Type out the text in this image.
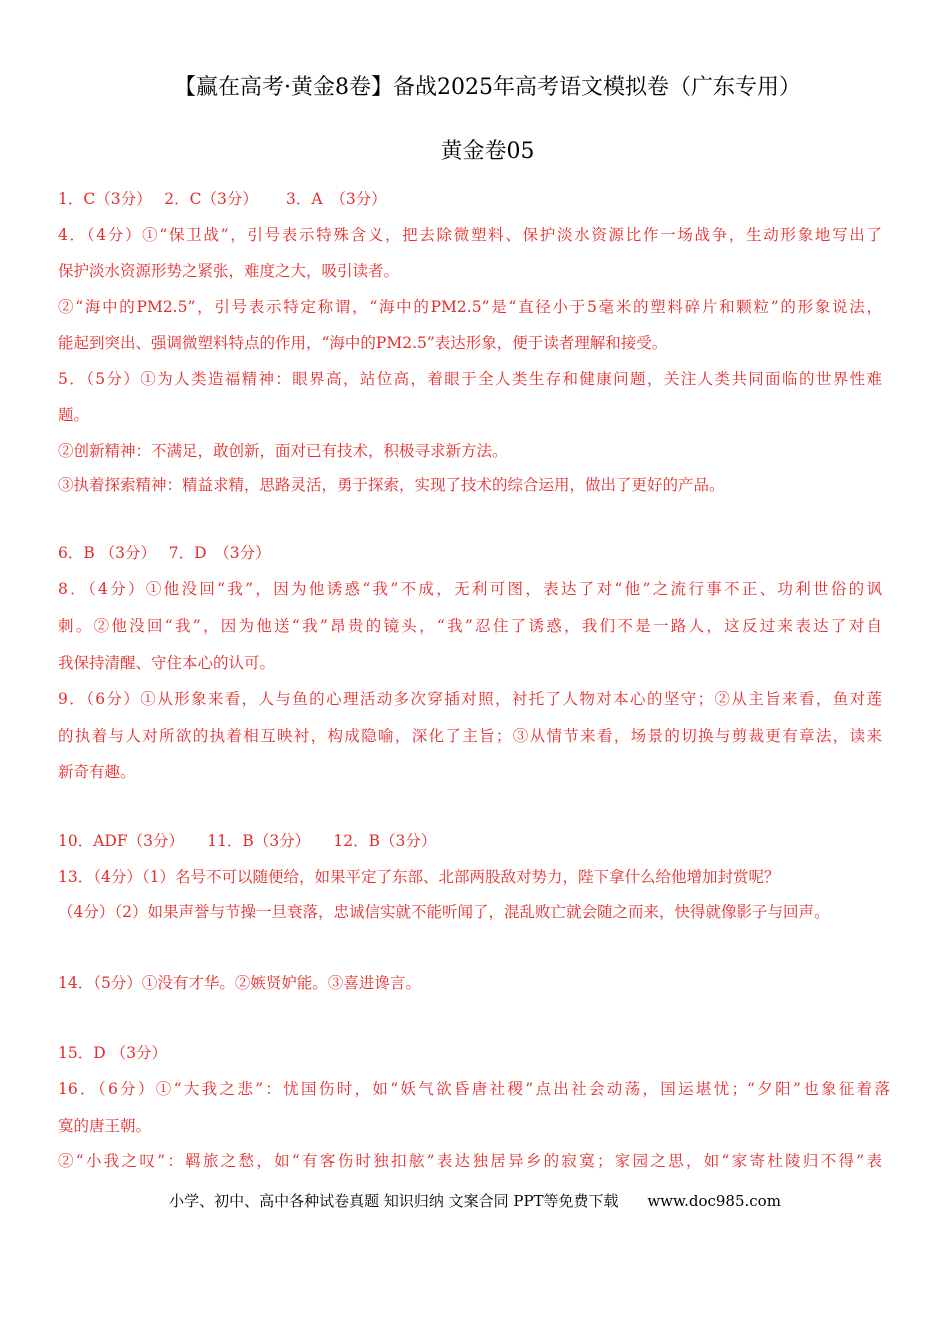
【赢在高考·黄金8卷】备战2025年高考语文模拟卷（广东专用）
黄金卷05
1．C（3分）　 2．C（3分）　 　3．A　（3分）
4．（4分）①“保卫战”，引号表示特殊含义，把去除微塑料、保护淡水资源比作一场战争，生动形象地写出了
保护淡水资源形势之紧张，难度之大，吸引读者。
②“海中的PM2.5”，引号表示特定称谓，“海中的PM2.5”是“直径小于5毫米的塑料碎片和颗粒”的形象说法，
能起到突出、强调微塑料特点的作用，“海中的PM2.5”表达形象，便于读者理解和接受。
5．（5分）①为人类造福精神：眼界高，站位高，着眼于全人类生存和健康问题，关注人类共同面临的世界性难
题。
②创新精神：不满足，敢创新，面对已有技术，积极寻求新方法。
③执着探索精神：精益求精，思路灵活，勇于探索，实现了技术的综合运用，做出了更好的产品。
6．B （3分）　 7．D　（3分）
8．（4分）①他没回“我”，因为他诱惑“我”不成，无利可图，表达了对“他”之流行事不正、功利世俗的讽
刺。②他没回“我”，因为他送“我”昂贵的镜头，“我”忍住了诱惑，我们不是一路人，这反过来表达了对自
我保持清醒、守住本心的认可。
9．（6分）①从形象来看，人与鱼的心理活动多次穿插对照，衬托了人物对本心的坚守；②从主旨来看，鱼对莲
的执着与人对所欲的执着相互映衬，构成隐喻，深化了主旨；③从情节来看，场景的切换与剪裁更有章法，读来
新奇有趣。
10．ADF（3分）　　11．B（3分）　　12．B（3分）
13．（4分）（1）名号不可以随便给，如果平定了东部、北部两股敌对势力，陛下拿什么给他增加封赏呢？
（4分）（2）如果声誉与节操一旦衰落，忠诚信实就不能听闻了，混乱败亡就会随之而来，快得就像影子与回声。
14．（5分）①没有才华。②嫉贤妒能。③喜进谗言。
15．D （3分）
16．（6分）①“大我之悲”：忧国伤时，如“妖气欲昏唐社稷”点出社会动荡，国运堪忧；“夕阳”也象征着落
寞的唐王朝。
②“小我之叹”：羁旅之愁，如“有客伤时独扣舷”表达独居异乡的寂寞；家园之思，如“家寄杜陵归不得”表
小学、初中、高中各种试卷真题 知识归纳 文案合同 PPT等免费下载 www.doc985.com
